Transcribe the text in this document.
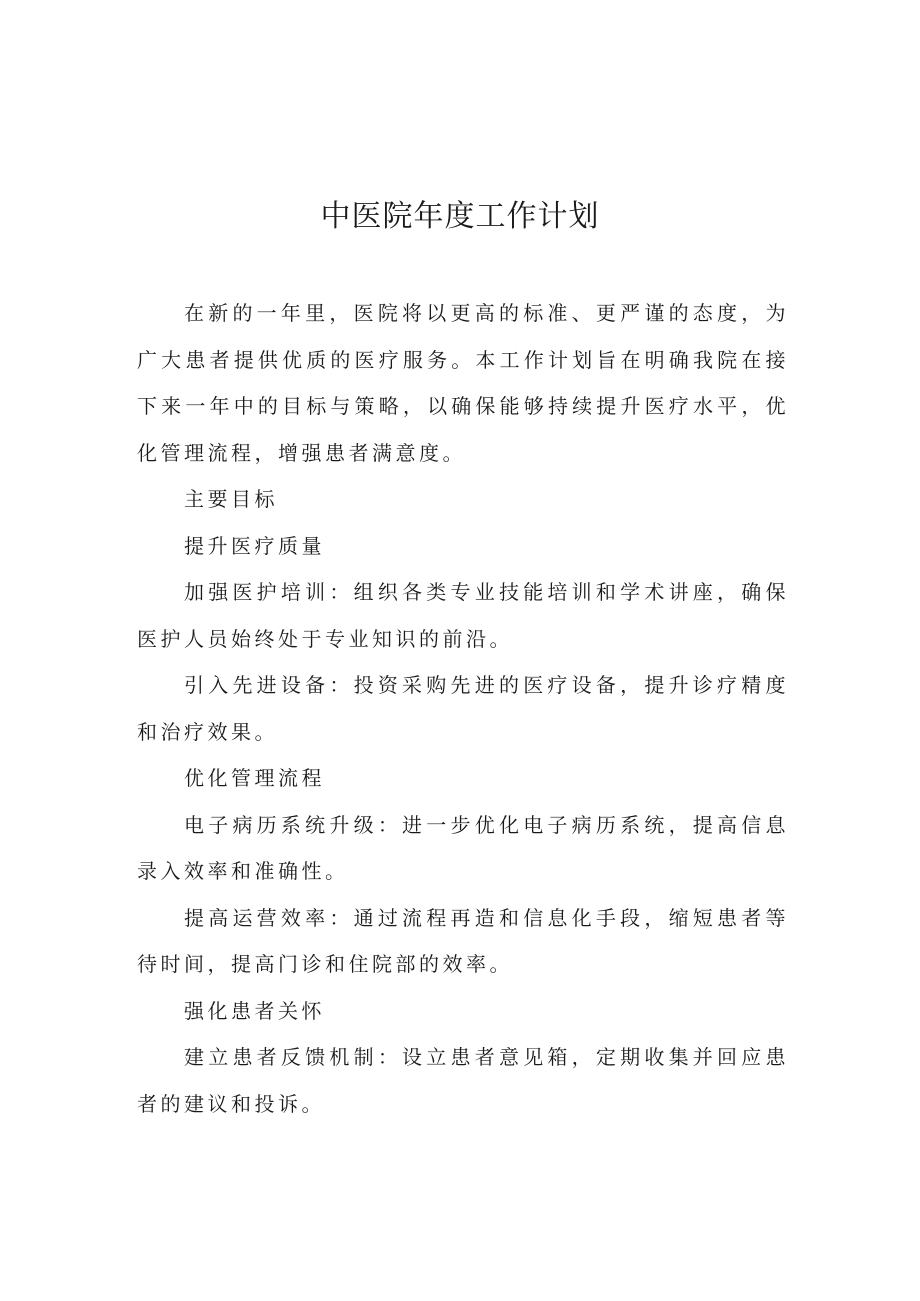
中医院年度工作计划

在新的一年里，医院将以更高的标准、更严谨的态度，为广大患者提供优质的医疗服务。本工作计划旨在明确我院在接下来一年中的目标与策略，以确保能够持续提升医疗水平，优化管理流程，增强患者满意度。

主要目标

提升医疗质量

加强医护培训：组织各类专业技能培训和学术讲座，确保医护人员始终处于专业知识的前沿。

引入先进设备：投资采购先进的医疗设备，提升诊疗精度和治疗效果。

优化管理流程

电子病历系统升级：进一步优化电子病历系统，提高信息录入效率和准确性。

提高运营效率：通过流程再造和信息化手段，缩短患者等待时间，提高门诊和住院部的效率。

强化患者关怀

建立患者反馈机制：设立患者意见箱，定期收集并回应患者的建议和投诉。
